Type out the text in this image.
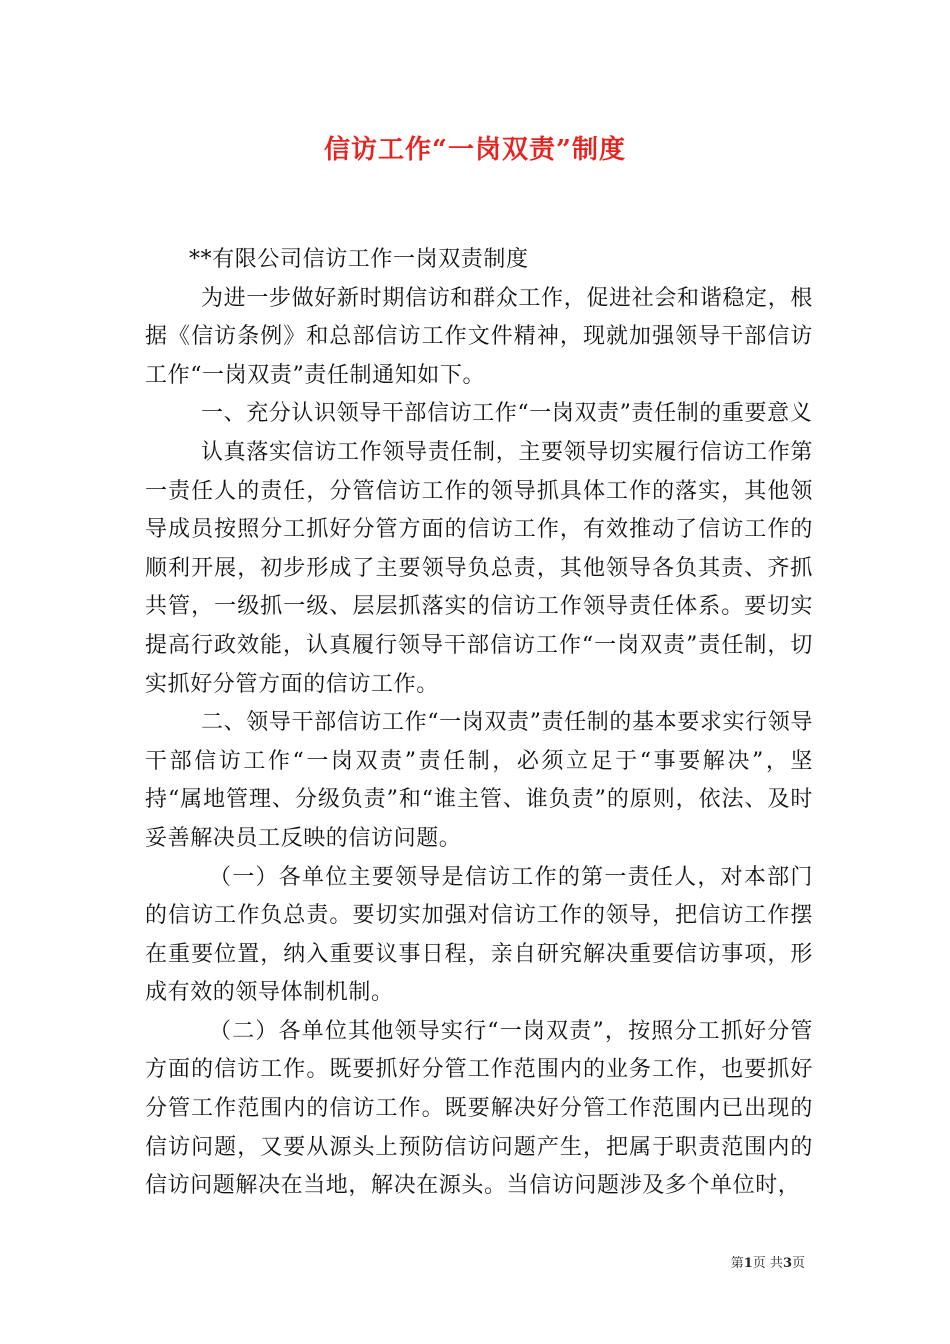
信访工作“一岗双责”制度

**有限公司信访工作一岗双责制度

为进一步做好新时期信访和群众工作，促进社会和谐稳定，根据《信访条例》和总部信访工作文件精神，现就加强领导干部信访工作“一岗双责”责任制通知如下。

一、充分认识领导干部信访工作“一岗双责”责任制的重要意义

认真落实信访工作领导责任制，主要领导切实履行信访工作第一责任人的责任，分管信访工作的领导抓具体工作的落实，其他领导成员按照分工抓好分管方面的信访工作，有效推动了信访工作的顺利开展，初步形成了主要领导负总责，其他领导各负其责、齐抓共管，一级抓一级、层层抓落实的信访工作领导责任体系。要切实提高行政效能，认真履行领导干部信访工作“一岗双责”责任制，切实抓好分管方面的信访工作。

二、领导干部信访工作“一岗双责”责任制的基本要求实行领导干部信访工作“一岗双责”责任制，必须立足于“事要解决”，坚持“属地管理、分级负责”和“谁主管、谁负责”的原则，依法、及时妥善解决员工反映的信访问题。

（一）各单位主要领导是信访工作的第一责任人，对本部门的信访工作负总责。要切实加强对信访工作的领导，把信访工作摆在重要位置，纳入重要议事日程，亲自研究解决重要信访事项，形成有效的领导体制机制。

（二）各单位其他领导实行“一岗双责”，按照分工抓好分管方面的信访工作。既要抓好分管工作范围内的业务工作，也要抓好分管工作范围内的信访工作。既要解决好分管工作范围内已出现的信访问题，又要从源头上预防信访问题产生，把属于职责范围内的信访问题解决在当地，解决在源头。当信访问题涉及多个单位时，

第1页 共3页
